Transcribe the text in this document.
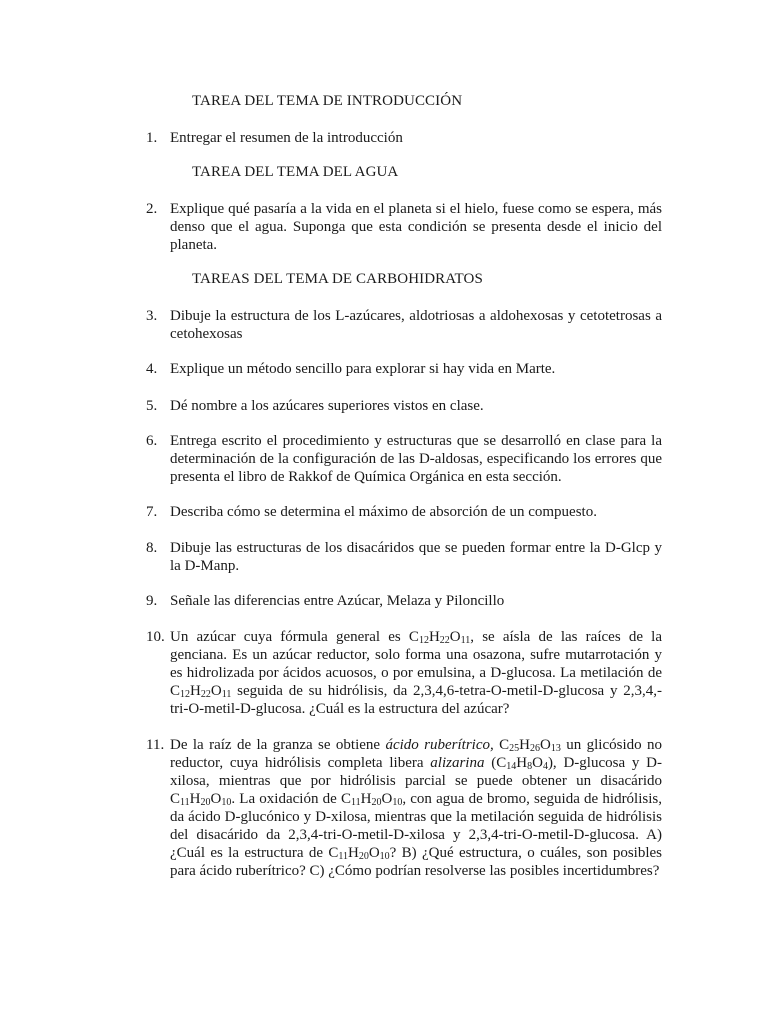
TAREA DEL TEMA DE INTRODUCCIÓN
1. Entregar el resumen de la introducción
TAREA DEL TEMA DEL AGUA
2. Explique qué pasaría a la vida en el planeta si el hielo, fuese como se espera, más denso que el agua. Suponga que esta condición se presenta desde el inicio del planeta.
TAREAS DEL TEMA DE CARBOHIDRATOS
3. Dibuje la estructura de los L-azúcares, aldotriosas a aldohexosas y cetotetrosas a cetohexosas
4. Explique un método sencillo para explorar si hay vida en Marte.
5. Dé nombre a los azúcares superiores vistos en clase.
6. Entrega escrito el procedimiento y estructuras que se desarrolló en clase para la determinación de la configuración de las D-aldosas, especificando los errores que presenta el libro de Rakkof de Química Orgánica en esta sección.
7. Describa cómo se determina el máximo de absorción de un compuesto.
8. Dibuje las estructuras de los disacáridos que se pueden formar entre la D-Glcp y la D-Manp.
9. Señale las diferencias entre Azúcar, Melaza y Piloncillo
10. Un azúcar cuya fórmula general es $C_{12}H_{22}O_{11}$, se aísla de las raíces de la genciana. Es un azúcar reductor, solo forma una osazona, sufre mutarrotación y es hidrolizada por ácidos acuosos, o por emulsina, a D-glucosa. La metilación de $C_{12}H_{22}O_{11}$ seguida de su hidrólisis, da 2,3,4,6-tetra-O-metil-D-glucosa y 2,3,4,-tri-O-metil-D-glucosa. ¿Cuál es la estructura del azúcar?
11. De la raíz de la granza se obtiene ácido ruberítrico, $C_{25}H_{26}O_{13}$ un glicósido no reductor, cuya hidrólisis completa libera alizarina $(C_{14}H_8O_4)$, D-glucosa y D-xilosa, mientras que por hidrólisis parcial se puede obtener un disacárido $C_{11}H_{20}O_{10}$. La oxidación de $C_{11}H_{20}O_{10}$, con agua de bromo, seguida de hidrólisis, da ácido D-glucónico y D-xilosa, mientras que la metilación seguida de hidrólisis del disacárido da 2,3,4-tri-O-metil-D-xilosa y 2,3,4-tri-O-metil-D-glucosa. A) ¿Cuál es la estructura de $C_{11}H_{20}O_{10}$? B) ¿Qué estructura, o cuáles, son posibles para ácido ruberítrico? C) ¿Cómo podrían resolverse las posibles incertidumbres?
